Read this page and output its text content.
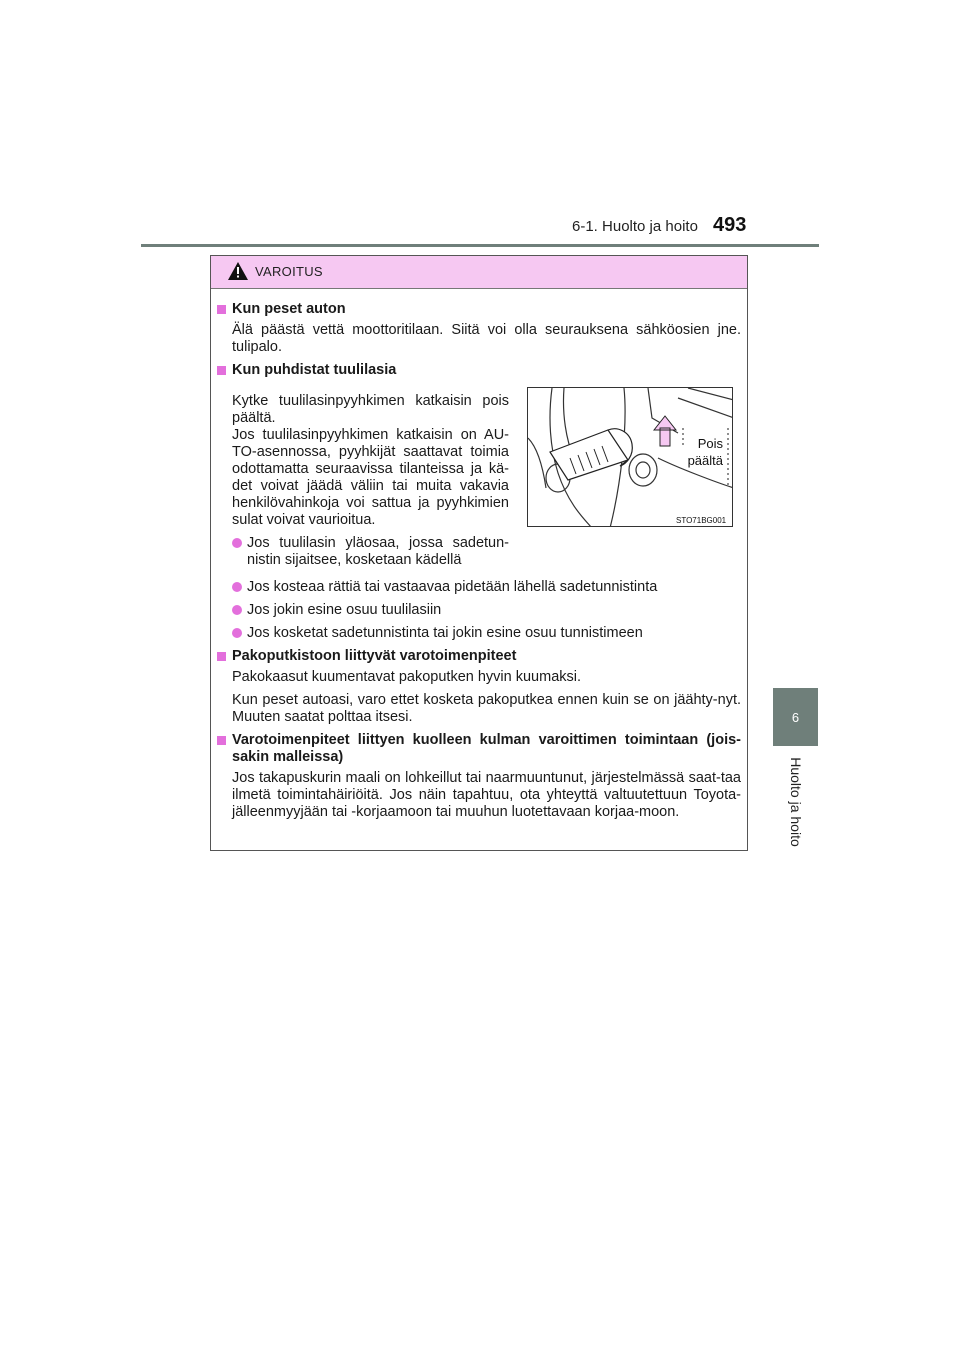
6-1. Huolto ja hoito 493
6
Huolto ja hoito
VAROITUS
Kun peset auton

Älä päästä vettä moottoritilaan. Siitä voi olla seurauksena sähköosien jne. tulipalo.

Kun puhdistat tuulilasia

Kytke tuulilasinpyyhkimen katkaisin pois päältä.

Jos tuulilasinpyyhkimen katkaisin on AU-TO-asennossa, pyyhkijät saattavat toimia odottamatta seuraavissa tilanteissa ja kä-det voivat jäädä väliin tai muita vakavia henkilövahinkoja voi sattua ja pyyhkimien sulat voivat vaurioitua.

Jos tuulilasin yläosaa, jossa sadetun-nistin sijaitsee, kosketaan kädellä
Pois
päältä
STO71BG001
Jos kosteaa rättiä tai vastaavaa pidetään lähellä sadetunnistinta
Jos jokin esine osuu tuulilasiin
Jos kosketat sadetunnistinta tai jokin esine osuu tunnistimeen
Pakoputkistoon liittyvät varotoimenpiteet

Pakokaasut kuumentavat pakoputken hyvin kuumaksi.

Kun peset autoasi, varo ettet kosketa pakoputkea ennen kuin se on jäähty-nyt. Muuten saatat polttaa itsesi.

Varotoimenpiteet liittyen kuolleen kulman varoittimen toimintaan (jois-sakin malleissa)

Jos takapuskurin maali on lohkeillut tai naarmuuntunut, järjestelmässä saat-taa ilmetä toimintahäiriöitä. Jos näin tapahtuu, ota yhteyttä valtuutettuun Toyota-jälleenmyyjään tai -korjaamoon tai muuhun luotettavaan korjaa-moon.
